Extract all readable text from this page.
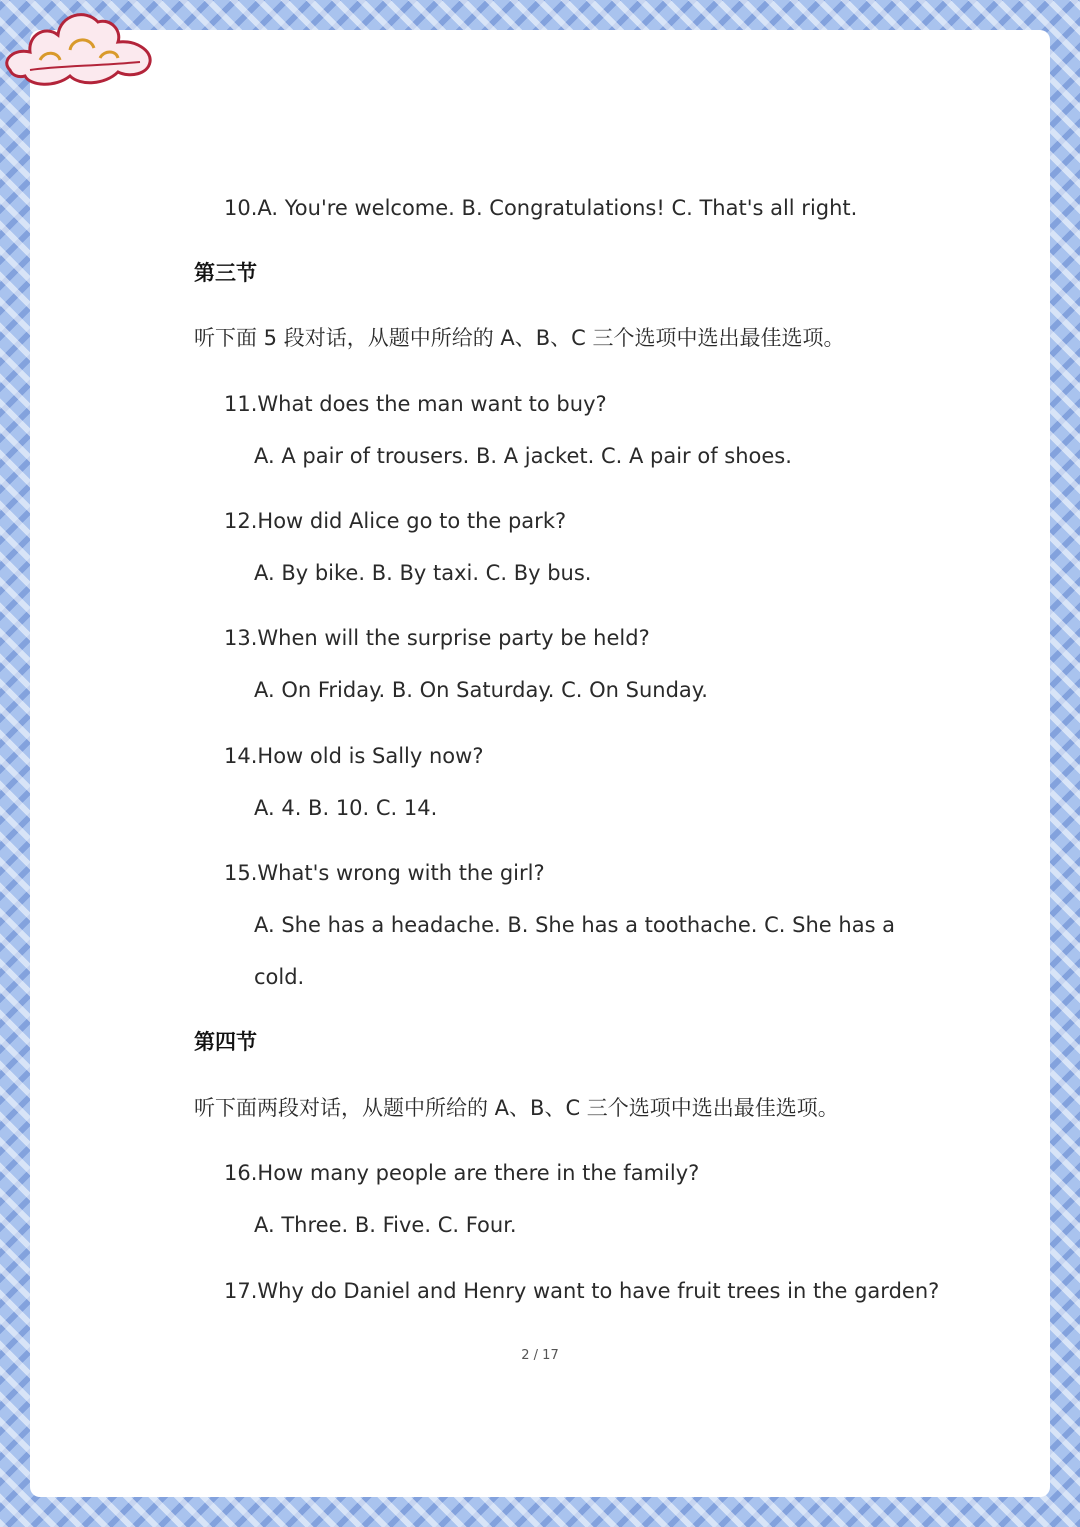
10.A. You're welcome. B. Congratulations! C. That's all right.
第三节
听下面 5 段对话，从题中所给的 A、B、C 三个选项中选出最佳选项。
11.What does the man want to buy?
A. A pair of trousers. B. A jacket. C. A pair of shoes.
12.How did Alice go to the park?
A. By bike. B. By taxi. C. By bus.
13.When will the surprise party be held?
A. On Friday. B. On Saturday. C. On Sunday.
14.How old is Sally now?
A. 4. B. 10. C. 14.
15.What's wrong with the girl?
A. She has a headache. B. She has a toothache. C. She has a
cold.
第四节
听下面两段对话，从题中所给的 A、B、C 三个选项中选出最佳选项。
16.How many people are there in the family?
A. Three. B. Five. C. Four.
17.Why do Daniel and Henry want to have fruit trees in the garden?
2 / 17
